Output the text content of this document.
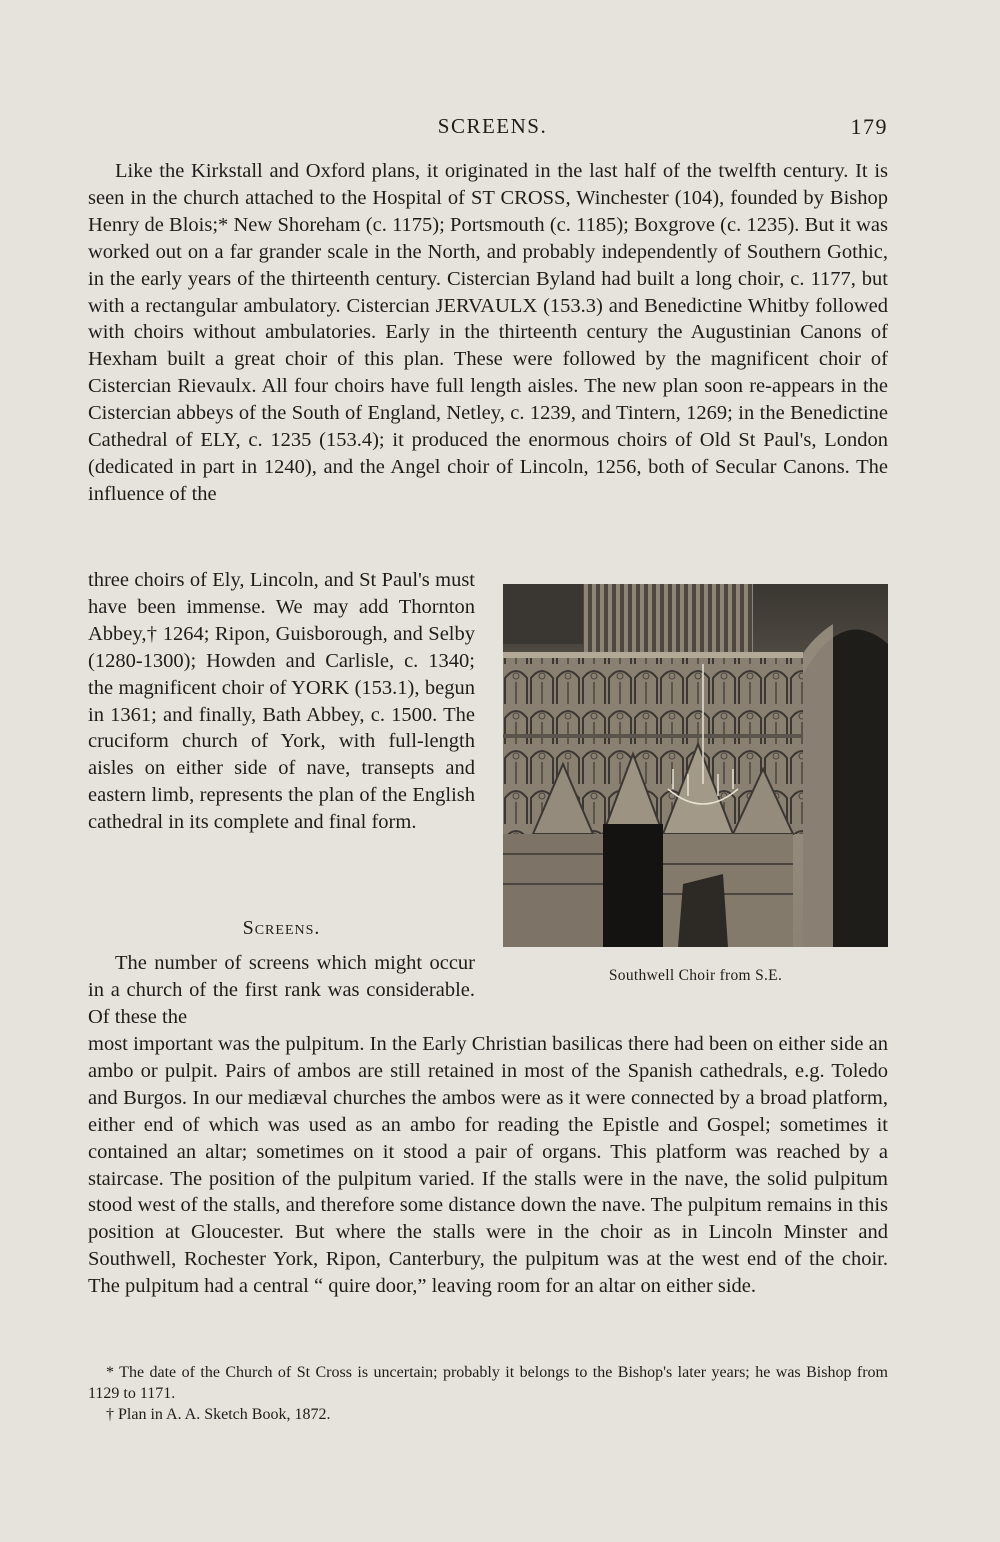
SCREENS.	179

Like the Kirkstall and Oxford plans, it originated in the last half of the twelfth century. It is seen in the church attached to the Hospital of ST CROSS, Winchester (104), founded by Bishop Henry de Blois;* New Shoreham (c. 1175); Portsmouth (c. 1185); Boxgrove (c. 1235). But it was worked out on a far grander scale in the North, and probably independently of Southern Gothic, in the early years of the thirteenth century. Cistercian Byland had built a long choir, c. 1177, but with a rectangular ambulatory. Cistercian JERVAULX (153.3) and Benedictine Whitby followed with choirs without ambulatories. Early in the thirteenth century the Augustinian Canons of Hexham built a great choir of this plan. These were followed by the magnificent choir of Cistercian Rievaulx. All four choirs have full length aisles. The new plan soon re-appears in the Cistercian abbeys of the South of England, Netley, c. 1239, and Tintern, 1269; in the Benedictine Cathedral of ELY, c. 1235 (153.4); it produced the enormous choirs of Old St Paul's, London (dedicated in part in 1240), and the Angel choir of Lincoln, 1256, both of Secular Canons. The influence of the

three choirs of Ely, Lincoln, and St Paul's must have been immense. We may add Thornton Abbey,† 1264; Ripon, Guisborough, and Selby (1280-1300); Howden and Carlisle, c. 1340; the magnificent choir of YORK (153.1), begun in 1361; and finally, Bath Abbey, c. 1500. The cruciform church of York, with full-length aisles on either side of nave, transepts and eastern limb, represents the plan of the English cathedral in its complete and final form.

Screens.

The number of screens which might occur in a church of the first rank was considerable. Of these the

most important was the pulpitum. In the Early Christian basilicas there had been on either side an ambo or pulpit. Pairs of ambos are still retained in most of the Spanish cathedrals, e.g. Toledo and Burgos. In our mediæval churches the ambos were as it were connected by a broad platform, either end of which was used as an ambo for reading the Epistle and Gospel; sometimes it contained an altar; sometimes on it stood a pair of organs. This platform was reached by a staircase. The position of the pulpitum varied. If the stalls were in the nave, the solid pulpitum stood west of the stalls, and therefore some distance down the nave. The pulpitum remains in this position at Gloucester. But where the stalls were in the choir as in Lincoln Minster and Southwell, Rochester York, Ripon, Canterbury, the pulpitum was at the west end of the choir. The pulpitum had a central “ quire door,” leaving room for an altar on either side.

Southwell Choir from S.E.

* The date of the Church of St Cross is uncertain; probably it belongs to the Bishop's later years; he was Bishop from 1129 to 1171.

† Plan in A. A. Sketch Book, 1872.
